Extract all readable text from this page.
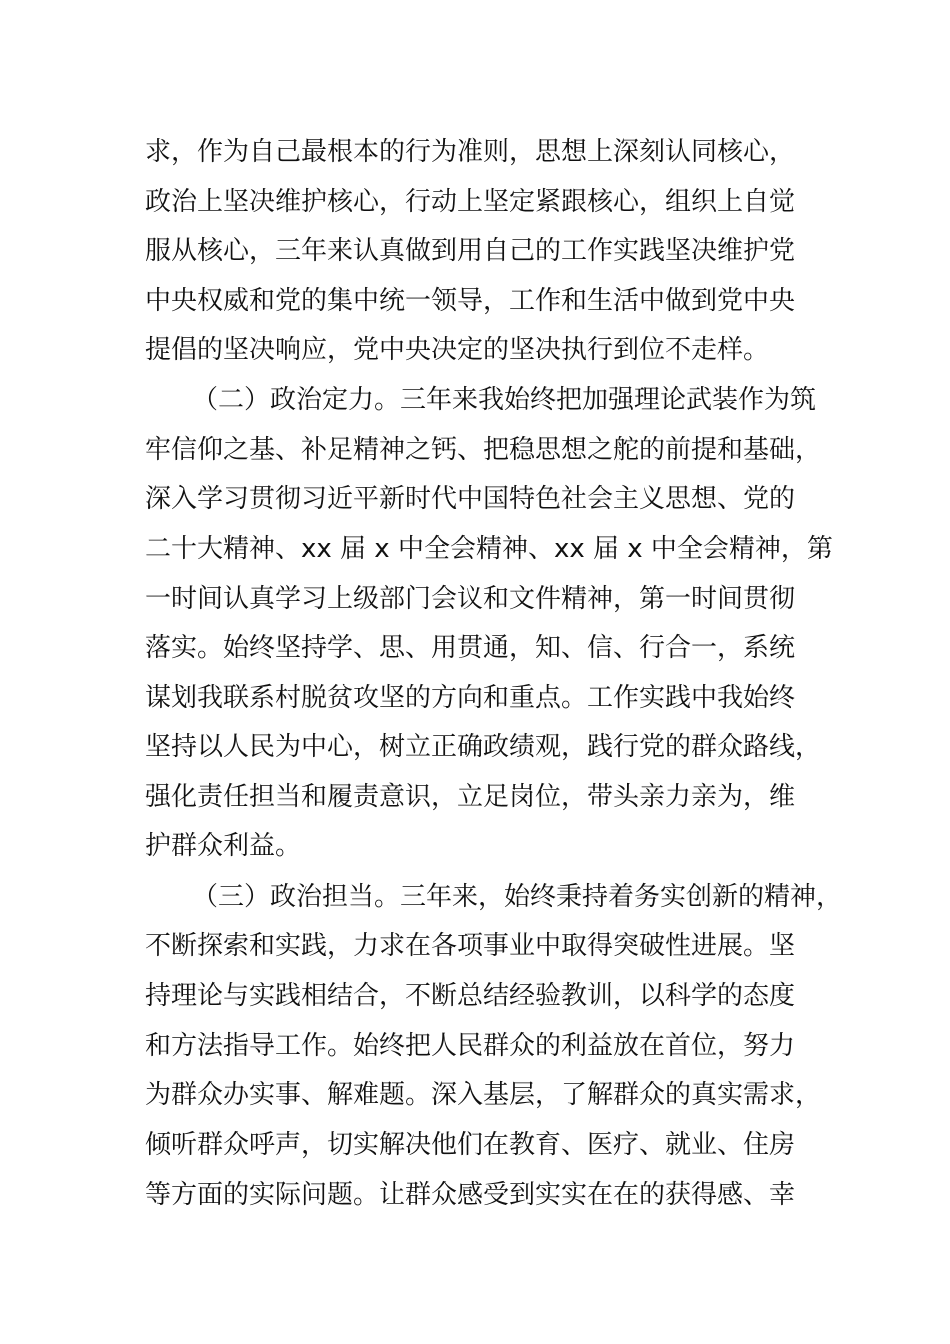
求，作为自己最根本的行为准则，思想上深刻认同核心，
政治上坚决维护核心，行动上坚定紧跟核心，组织上自觉
服从核心，三年来认真做到用自己的工作实践坚决维护党
中央权威和党的集中统一领导，工作和生活中做到党中央
提倡的坚决响应，党中央决定的坚决执行到位不走样。
（二）政治定力。三年来我始终把加强理论武装作为筑
牢信仰之基、补足精神之钙、把稳思想之舵的前提和基础，
深入学习贯彻习近平新时代中国特色社会主义思想、党的
二十大精神、xx 届 x 中全会精神、xx 届 x 中全会精神，第
一时间认真学习上级部门会议和文件精神，第一时间贯彻
落实。始终坚持学、思、用贯通，知、信、行合一，系统
谋划我联系村脱贫攻坚的方向和重点。工作实践中我始终
坚持以人民为中心，树立正确政绩观，践行党的群众路线，
强化责任担当和履责意识，立足岗位，带头亲力亲为，维
护群众利益。
（三）政治担当。三年来，始终秉持着务实创新的精神，
不断探索和实践，力求在各项事业中取得突破性进展。坚
持理论与实践相结合，不断总结经验教训，以科学的态度
和方法指导工作。始终把人民群众的利益放在首位，努力
为群众办实事、解难题。深入基层，了解群众的真实需求，
倾听群众呼声，切实解决他们在教育、医疗、就业、住房
等方面的实际问题。让群众感受到实实在在的获得感、幸
